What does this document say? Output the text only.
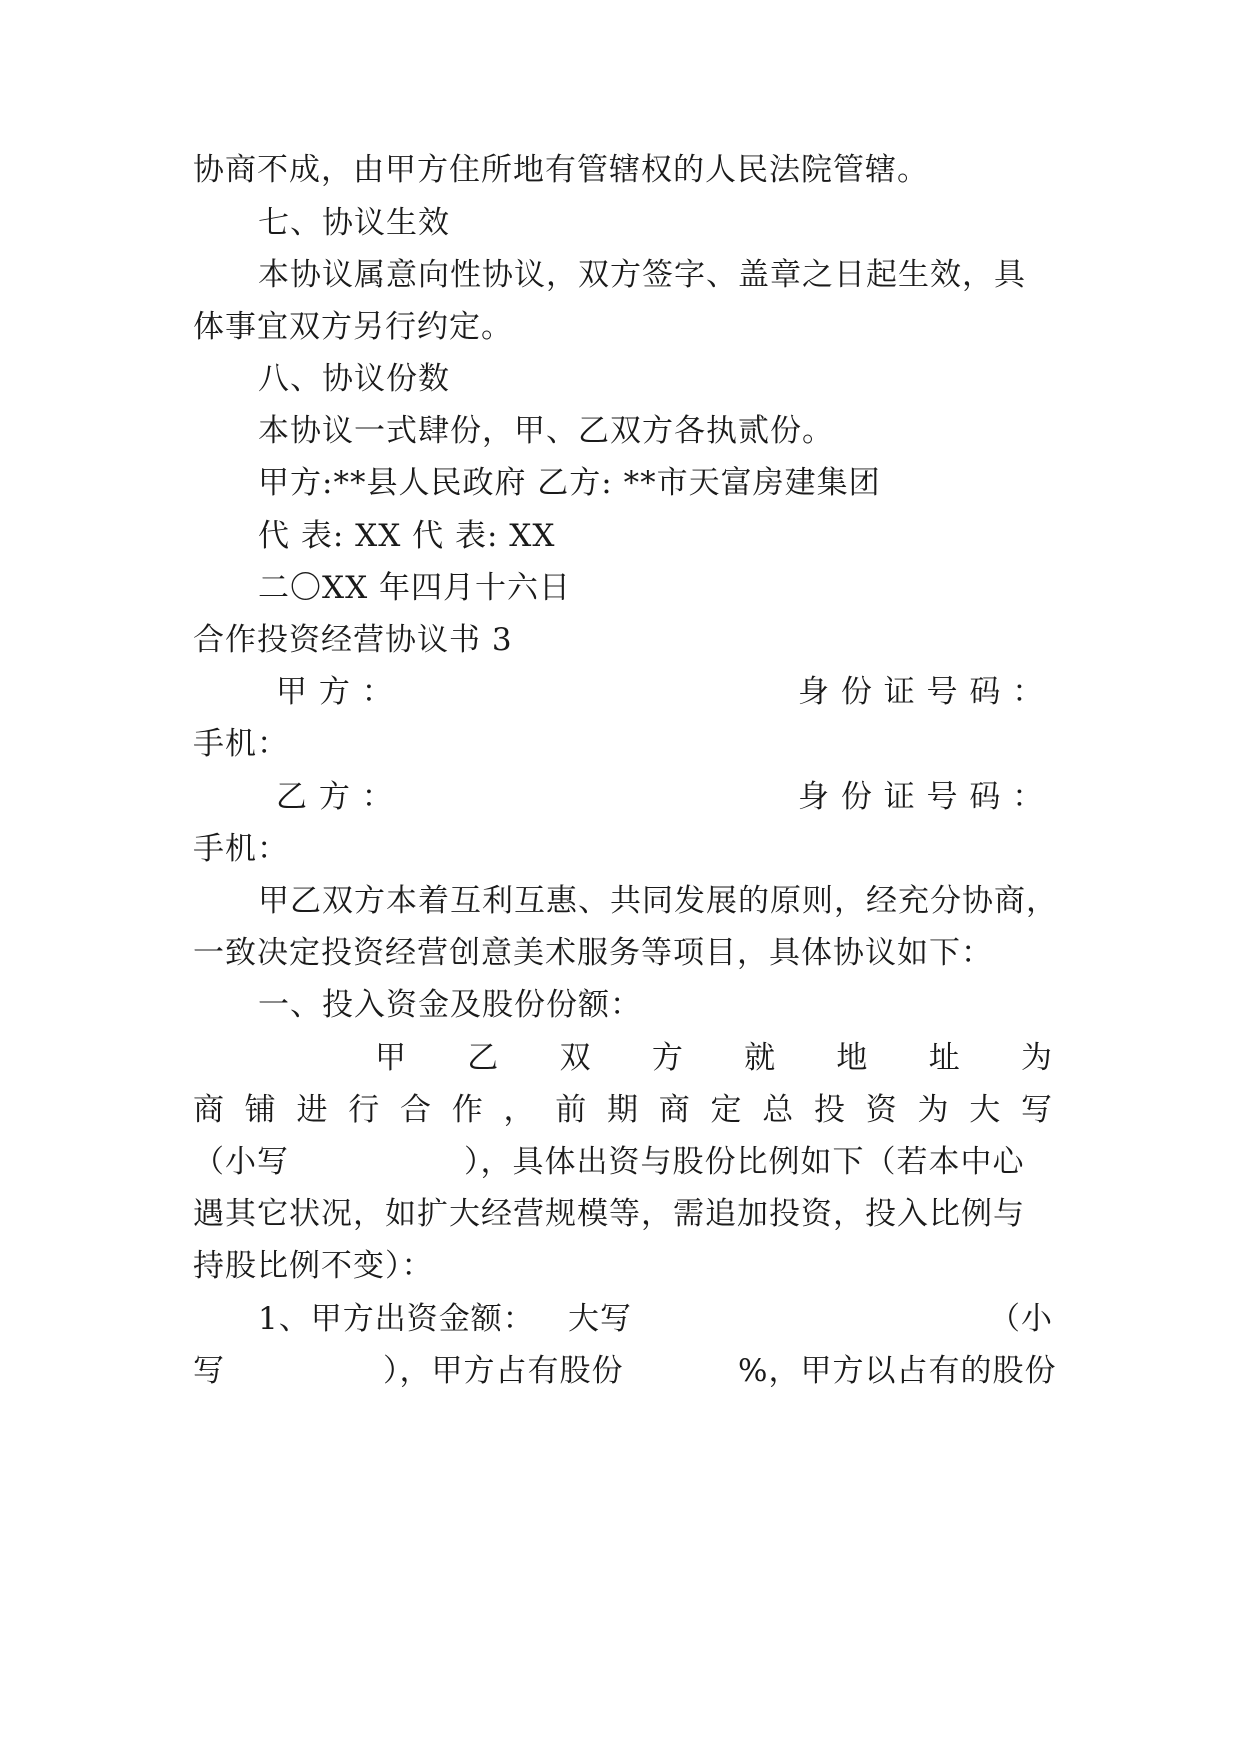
协商不成，由甲方住所地有管辖权的人民法院管辖。
七、协议生效
本协议属意向性协议，双方签字、盖章之日起生效，具
体事宜双方另行约定。
八、协议份数
本协议一式肆份，甲、乙双方各执贰份。
甲方:**县人民政府 乙方: **市天富房建集团
代 表: XX 代 表: XX
二〇XX 年四月十六日
合作投资经营协议书 3
甲 方 ：	身 份 证 号 码 ：
手机：
乙 方 ：	身 份 证 号 码 ：
手机：
甲乙双方本着互利互惠、共同发展的原则，经充分协商，
一致决定投资经营创意美术服务等项目，具体协议如下：
一、投入资金及股份份额：
甲 乙 双 方 就 地 址 为
商 铺 进 行 合 作 ， 前 期 商 定 总 投 资 为 大 写
（小写	），具体出资与股份比例如下（若本中心
遇其它状况，如扩大经营规模等，需追加投资，投入比例与
持股比例不变）：
1、甲方出资金额： 大写	（小
写	），甲方占有股份	%，甲方以占有的股份
